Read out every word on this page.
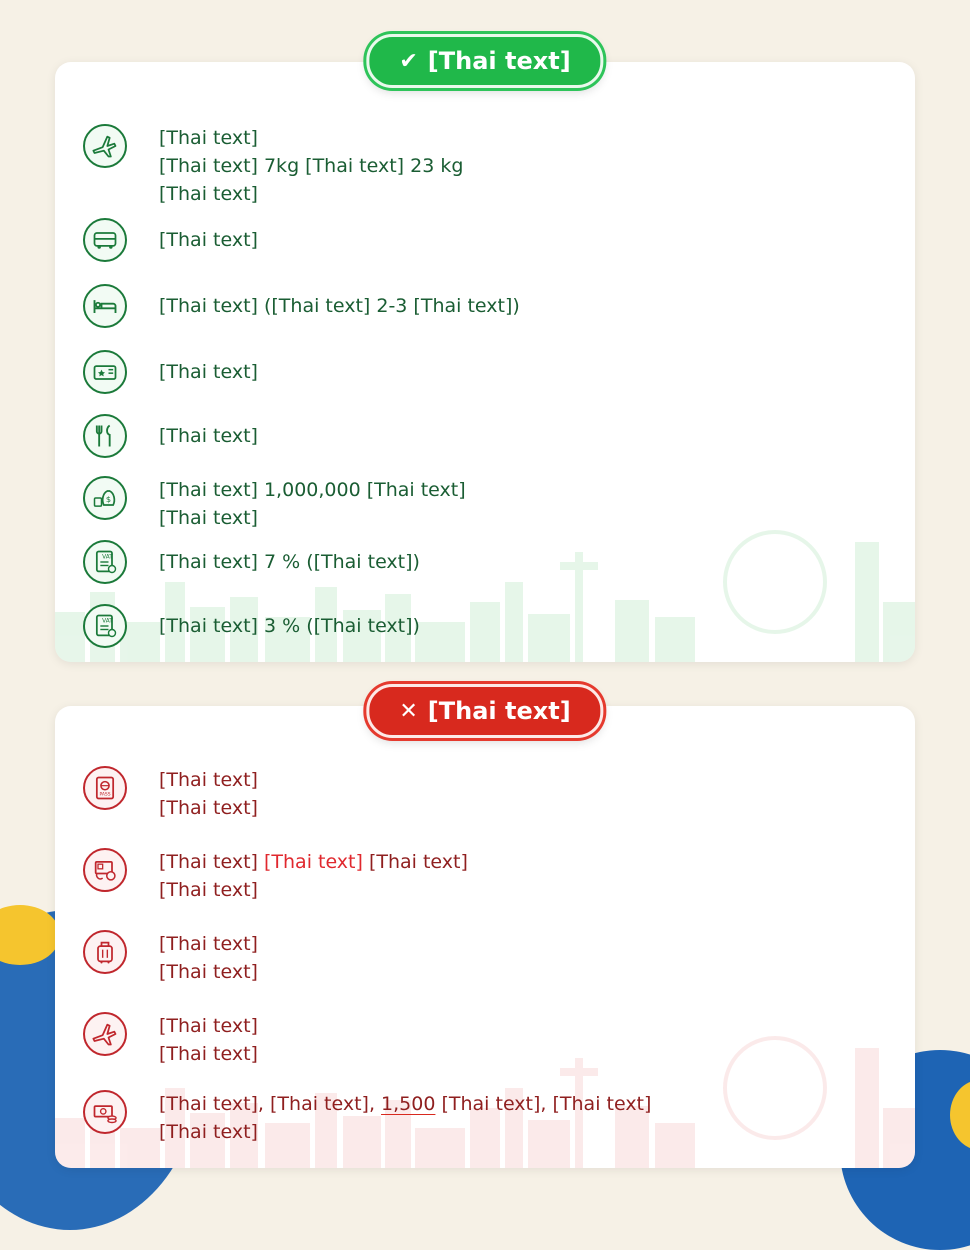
[Thai text]
[Thai text] 7kg [Thai text] 23 kg
[Thai text]
[Thai text]
[Thai text] ([Thai text] 2-3 [Thai text])
[Thai text]
[Thai text]
$	[Thai text] 1,000,000 [Thai text]
[Thai text]
VAT [Thai text] 7 % ([Thai text])
VAT [Thai text] 3 % ([Thai text])
✔ [Thai text]
PASS
[Thai text]
[Thai text]
[Thai text] [Thai text] [Thai text]
[Thai text]
[Thai text]
[Thai text]
[Thai text]
[Thai text]
[Thai text], [Thai text], 1,500 [Thai text], [Thai text]
[Thai text]
✕ [Thai text]
